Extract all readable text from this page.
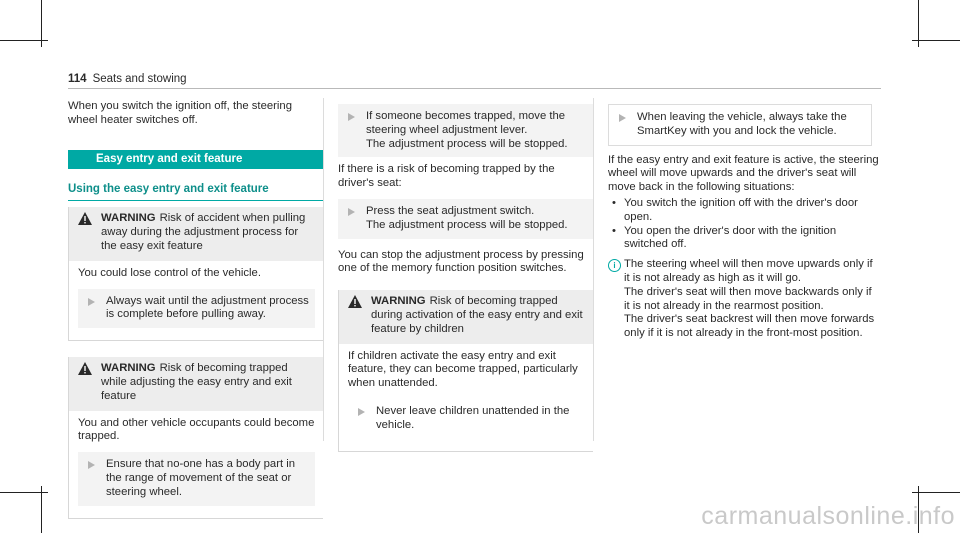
114 Seats and stowing

When you switch the ignition off, the steering wheel heater switches off.

Easy entry and exit feature
Using the easy entry and exit feature
WARNING Risk of accident when pulling away during the adjustment process for the easy exit feature

You could lose control of the vehicle.

Always wait until the adjustment process is complete before pulling away.
WARNING Risk of becoming trapped while adjusting the easy entry and exit feature

You and other vehicle occupants could become trapped.

Ensure that no-one has a body part in the range of movement of the seat or steering wheel.

If someone becomes trapped, move the steering wheel adjustment lever.

The adjustment process will be stopped.

If there is a risk of becoming trapped by the driver's seat:

Press the seat adjustment switch.

The adjustment process will be stopped.

You can stop the adjustment process by pressing one of the memory function position switches.

WARNING Risk of becoming trapped during activation of the easy entry and exit feature by children

If children activate the easy entry and exit feature, they can become trapped, particularly when unattended.

Never leave children unattended in the vehicle.
When leaving the vehicle, always take the SmartKey with you and lock the vehicle.

If the easy entry and exit feature is active, the steering wheel will move upwards and the driver's seat will move back in the following situations:

• You switch the ignition off with the driver's door open.
• You open the driver's door with the ignition switched off.
i The steering wheel will then move upwards only if it is not already as high as it will go.

The driver's seat will then move backwards only if it is not already in the rearmost position.

The driver's seat backrest will then move forwards only if it is not already in the front-most position.

carmanualsonline.info
